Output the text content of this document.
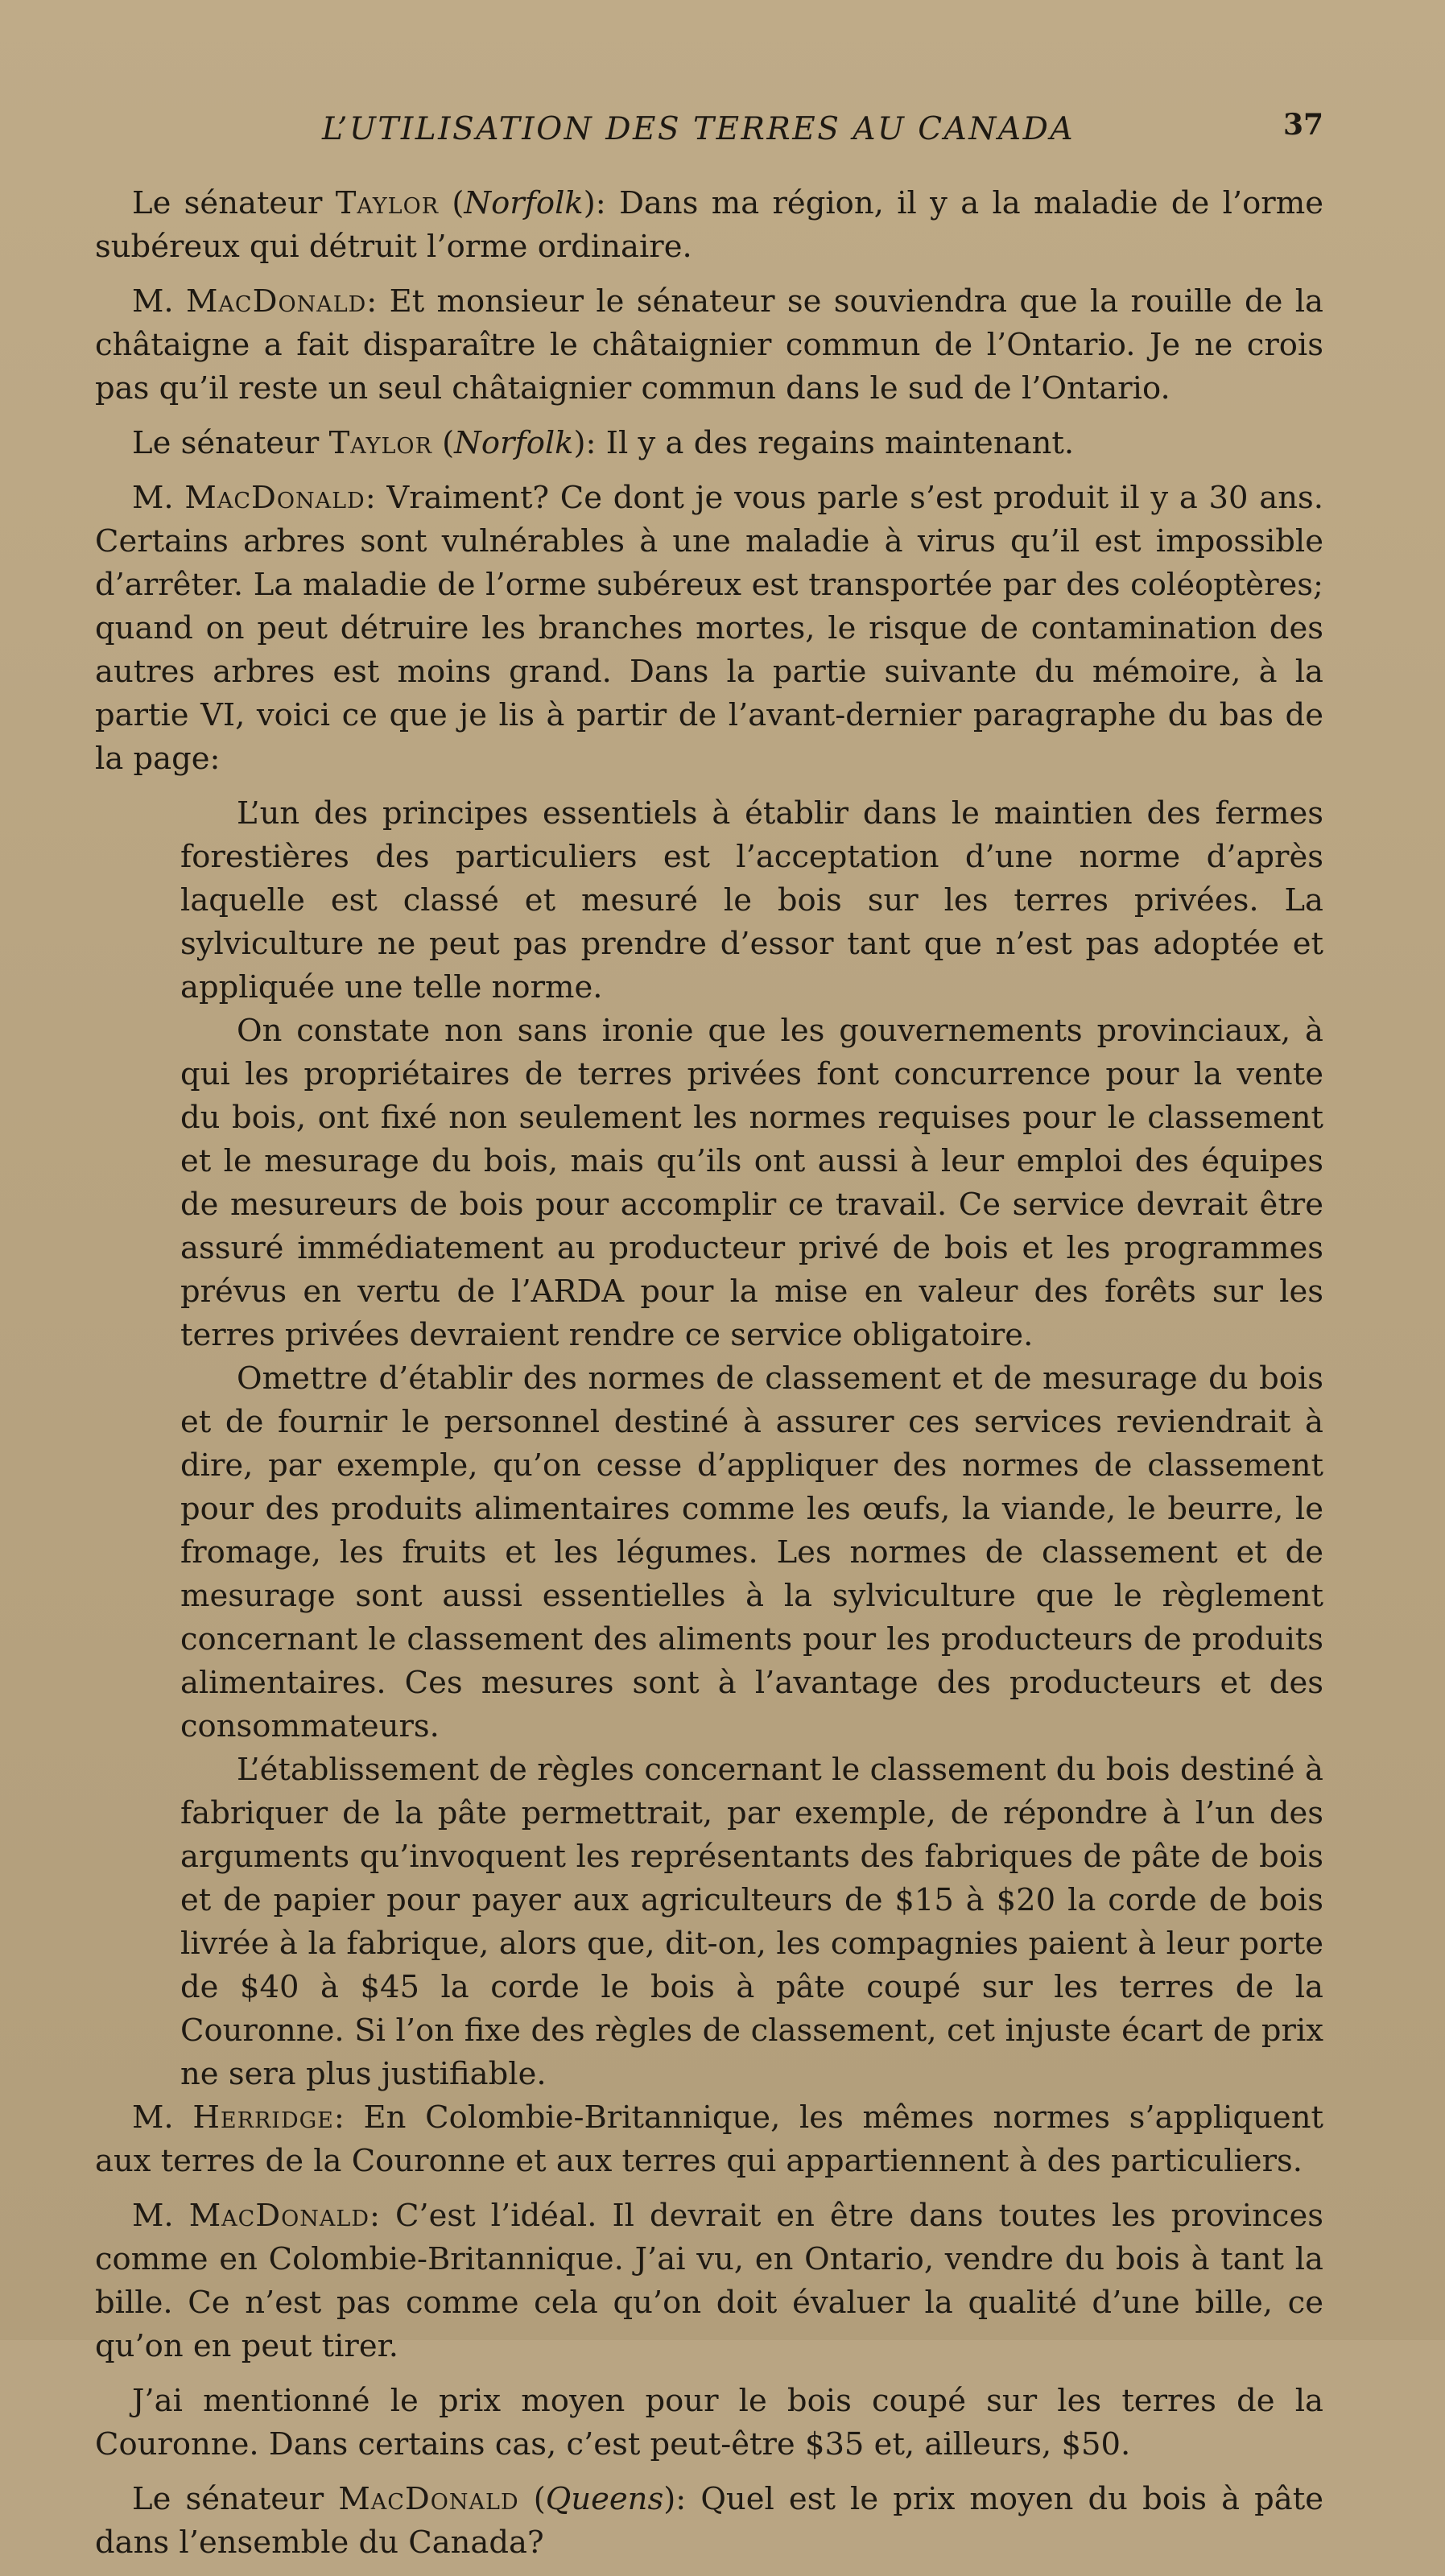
L’UTILISATION DES TERRES AU CANADA	37

Le sénateur Taylor (Norfolk): Dans ma région, il y a la maladie de l’orme subéreux qui détruit l’orme ordinaire.

M. MacDonald: Et monsieur le sénateur se souviendra que la rouille de la châtaigne a fait disparaître le châtaignier commun de l’Ontario. Je ne crois pas qu’il reste un seul châtaignier commun dans le sud de l’Ontario.

Le sénateur Taylor (Norfolk): Il y a des regains maintenant.

M. MacDonald: Vraiment? Ce dont je vous parle s’est produit il y a 30 ans. Certains arbres sont vulnérables à une maladie à virus qu’il est impossible d’arrêter. La maladie de l’orme subéreux est transportée par des coléoptères; quand on peut détruire les branches mortes, le risque de contamination des autres arbres est moins grand. Dans la partie suivante du mémoire, à la partie VI, voici ce que je lis à partir de l’avant-dernier paragraphe du bas de la page:

L’un des principes essentiels à établir dans le maintien des fermes forestières des particuliers est l’acceptation d’une norme d’après laquelle est classé et mesuré le bois sur les terres privées. La sylviculture ne peut pas prendre d’essor tant que n’est pas adoptée et appliquée une telle norme.

On constate non sans ironie que les gouvernements provinciaux, à qui les propriétaires de terres privées font concurrence pour la vente du bois, ont fixé non seulement les normes requises pour le classement et le mesurage du bois, mais qu’ils ont aussi à leur emploi des équipes de mesureurs de bois pour accomplir ce travail. Ce service devrait être assuré immédiatement au producteur privé de bois et les programmes prévus en vertu de l’ARDA pour la mise en valeur des forêts sur les terres privées devraient rendre ce service obligatoire.

Omettre d’établir des normes de classement et de mesurage du bois et de fournir le personnel destiné à assurer ces services reviendrait à dire, par exemple, qu’on cesse d’appliquer des normes de classement pour des produits alimentaires comme les œufs, la viande, le beurre, le fromage, les fruits et les légumes. Les normes de classement et de mesurage sont aussi essentielles à la sylviculture que le règlement concernant le classement des aliments pour les producteurs de produits alimentaires. Ces mesures sont à l’avantage des producteurs et des consommateurs.

L’établissement de règles concernant le classement du bois destiné à fabriquer de la pâte permettrait, par exemple, de répondre à l’un des arguments qu’invoquent les représentants des fabriques de pâte de bois et de papier pour payer aux agriculteurs de $15 à $20 la corde de bois livrée à la fabrique, alors que, dit-on, les compagnies paient à leur porte de $40 à $45 la corde le bois à pâte coupé sur les terres de la Couronne. Si l’on fixe des règles de classement, cet injuste écart de prix ne sera plus justifiable.

M. Herridge: En Colombie-Britannique, les mêmes normes s’appliquent aux terres de la Couronne et aux terres qui appartiennent à des particuliers.

M. MacDonald: C’est l’idéal. Il devrait en être dans toutes les provinces comme en Colombie-Britannique. J’ai vu, en Ontario, vendre du bois à tant la bille. Ce n’est pas comme cela qu’on doit évaluer la qualité d’une bille, ce qu’on en peut tirer.

J’ai mentionné le prix moyen pour le bois coupé sur les terres de la Couronne. Dans certains cas, c’est peut-être $35 et, ailleurs, $50.

Le sénateur MacDonald (Queens): Quel est le prix moyen du bois à pâte dans l’ensemble du Canada?
